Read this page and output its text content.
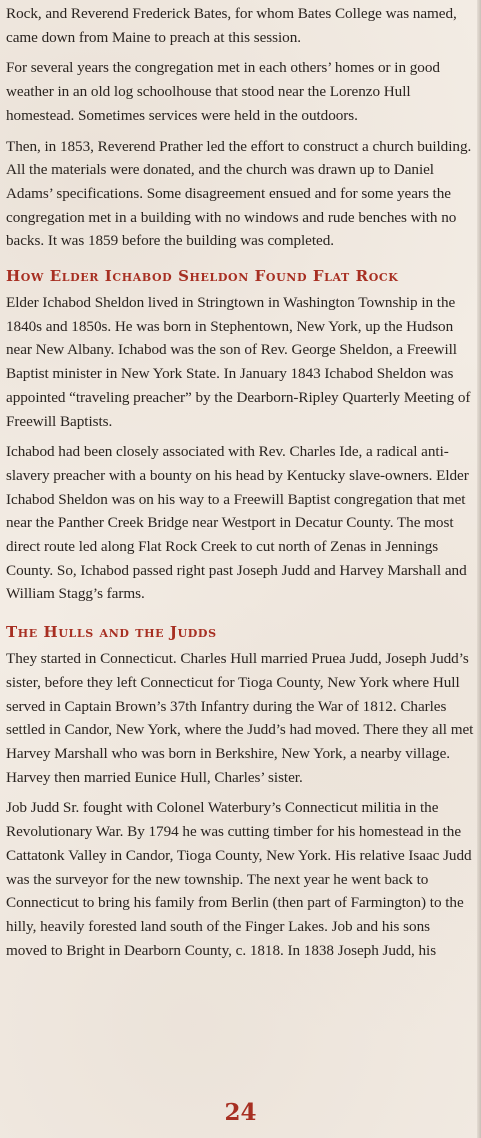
Rock, and Reverend Frederick Bates, for whom Bates College was named, came down from Maine to preach at this session.

For several years the congregation met in each others’ homes or in good weather in an old log schoolhouse that stood near the Lorenzo Hull homestead. Sometimes services were held in the outdoors.

Then, in 1853, Reverend Prather led the effort to construct a church building. All the materials were donated, and the church was drawn up to Daniel Adams’ specifications. Some disagreement ensued and for some years the congregation met in a building with no windows and rude benches with no backs. It was 1859 before the building was completed.

How Elder Ichabod Sheldon Found Flat Rock

Elder Ichabod Sheldon lived in Stringtown in Washington Township in the 1840s and 1850s. He was born in Stephentown, New York, up the Hudson near New Albany. Ichabod was the son of Rev. George Sheldon, a Freewill Baptist minister in New York State. In January 1843 Ichabod Sheldon was appointed “traveling preacher” by the Dearborn-Ripley Quarterly Meeting of Freewill Baptists.

Ichabod had been closely associated with Rev. Charles Ide, a radical anti-slavery preacher with a bounty on his head by Kentucky slave-owners. Elder Ichabod Sheldon was on his way to a Freewill Baptist congregation that met near the Panther Creek Bridge near Westport in Decatur County. The most direct route led along Flat Rock Creek to cut north of Zenas in Jennings County. So, Ichabod passed right past Joseph Judd and Harvey Marshall and William Stagg’s farms.

The Hulls and the Judds

They started in Connecticut. Charles Hull married Pruea Judd, Joseph Judd’s sister, before they left Connecticut for Tioga County, New York where Hull served in Captain Brown’s 37th Infantry during the War of 1812. Charles settled in Candor, New York, where the Judd’s had moved. There they all met Harvey Marshall who was born in Berkshire, New York, a nearby village. Harvey then married Eunice Hull, Charles’ sister.

Job Judd Sr. fought with Colonel Waterbury’s Connecticut militia in the Revolutionary War. By 1794 he was cutting timber for his homestead in the Cattatonk Valley in Candor, Tioga County, New York. His relative Isaac Judd was the surveyor for the new township. The next year he went back to Connecticut to bring his family from Berlin (then part of Farmington) to the hilly, heavily forested land south of the Finger Lakes. Job and his sons moved to Bright in Dearborn County, c. 1818. In 1838 Joseph Judd, his

24
